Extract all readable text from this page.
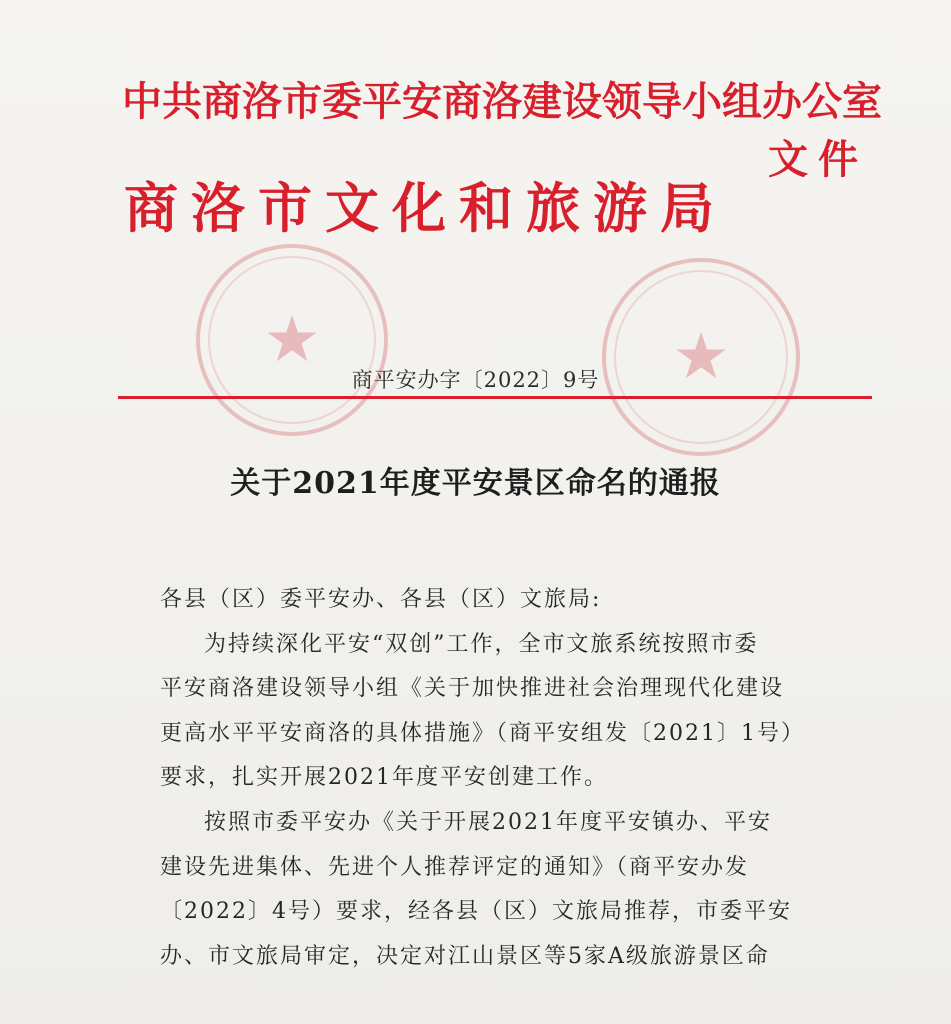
★	★
中共商洛市委平安商洛建设领导小组办公室
文件
商洛市文化和旅游局
商平安办字〔2022〕9号
关于2021年度平安景区命名的通报

各县（区）委平安办、各县（区）文旅局:

为持续深化平安“双创”工作，全市文旅系统按照市委

平安商洛建设领导小组《关于加快推进社会治理现代化建设

更高水平平安商洛的具体措施》（商平安组发〔2021〕1号）

要求，扎实开展2021年度平安创建工作。

按照市委平安办《关于开展2021年度平安镇办、平安

建设先进集体、先进个人推荐评定的通知》（商平安办发

〔2022〕4号）要求，经各县（区）文旅局推荐，市委平安

办、市文旅局审定，决定对江山景区等5家A级旅游景区命
